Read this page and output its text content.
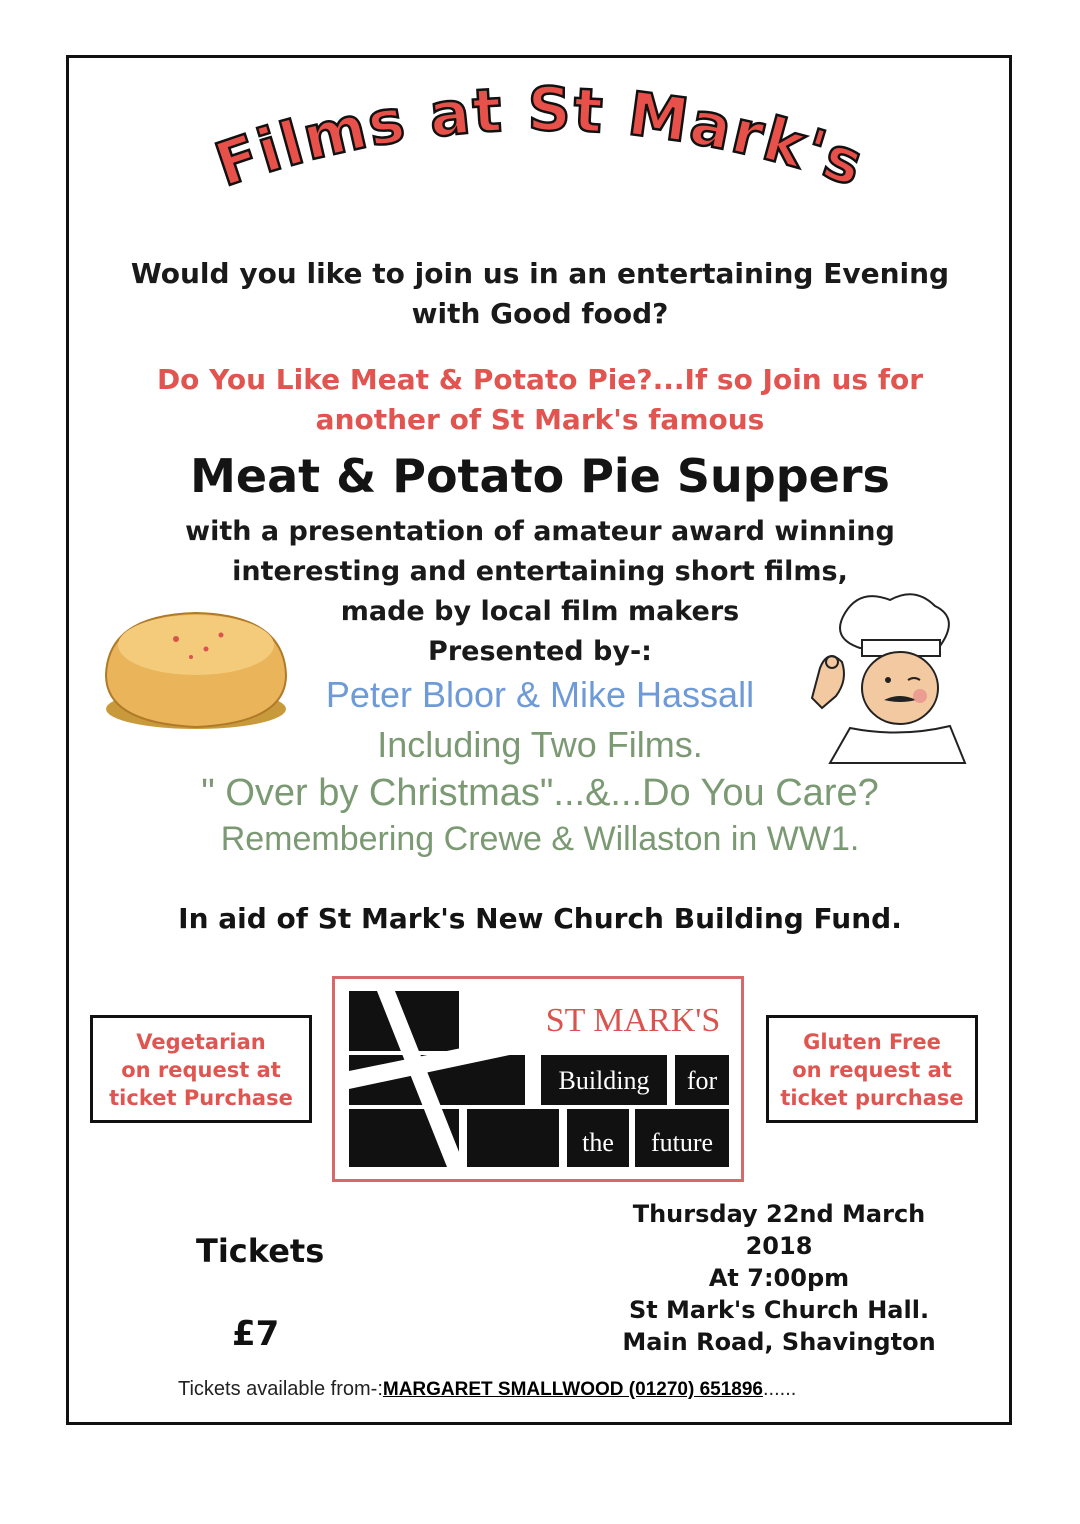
Films at St Mark's
Would you like to join us in an entertaining Evening
with Good food?
Do You Like Meat & Potato Pie?...If so Join us for
another of St Mark's famous
Meat & Potato Pie Suppers
with a presentation of amateur award winning
interesting and entertaining short films,
made by local film makers
Presented by-:
Peter Bloor & Mike Hassall
Including Two Films.
" Over by Christmas"...&...Do You Care?
Remembering Crewe & Willaston in WW1.
In aid of St Mark's New Church Building Fund.
Vegetarian
on request at
ticket Purchase
Gluten Free
on request at
ticket purchase
ST MARK'S
Building for
the future
Tickets
£7
Thursday 22nd March
2018
At 7:00pm
St Mark's Church Hall.
Main Road, Shavington
Tickets available from-:MARGARET SMALLWOOD (01270) 651896......
